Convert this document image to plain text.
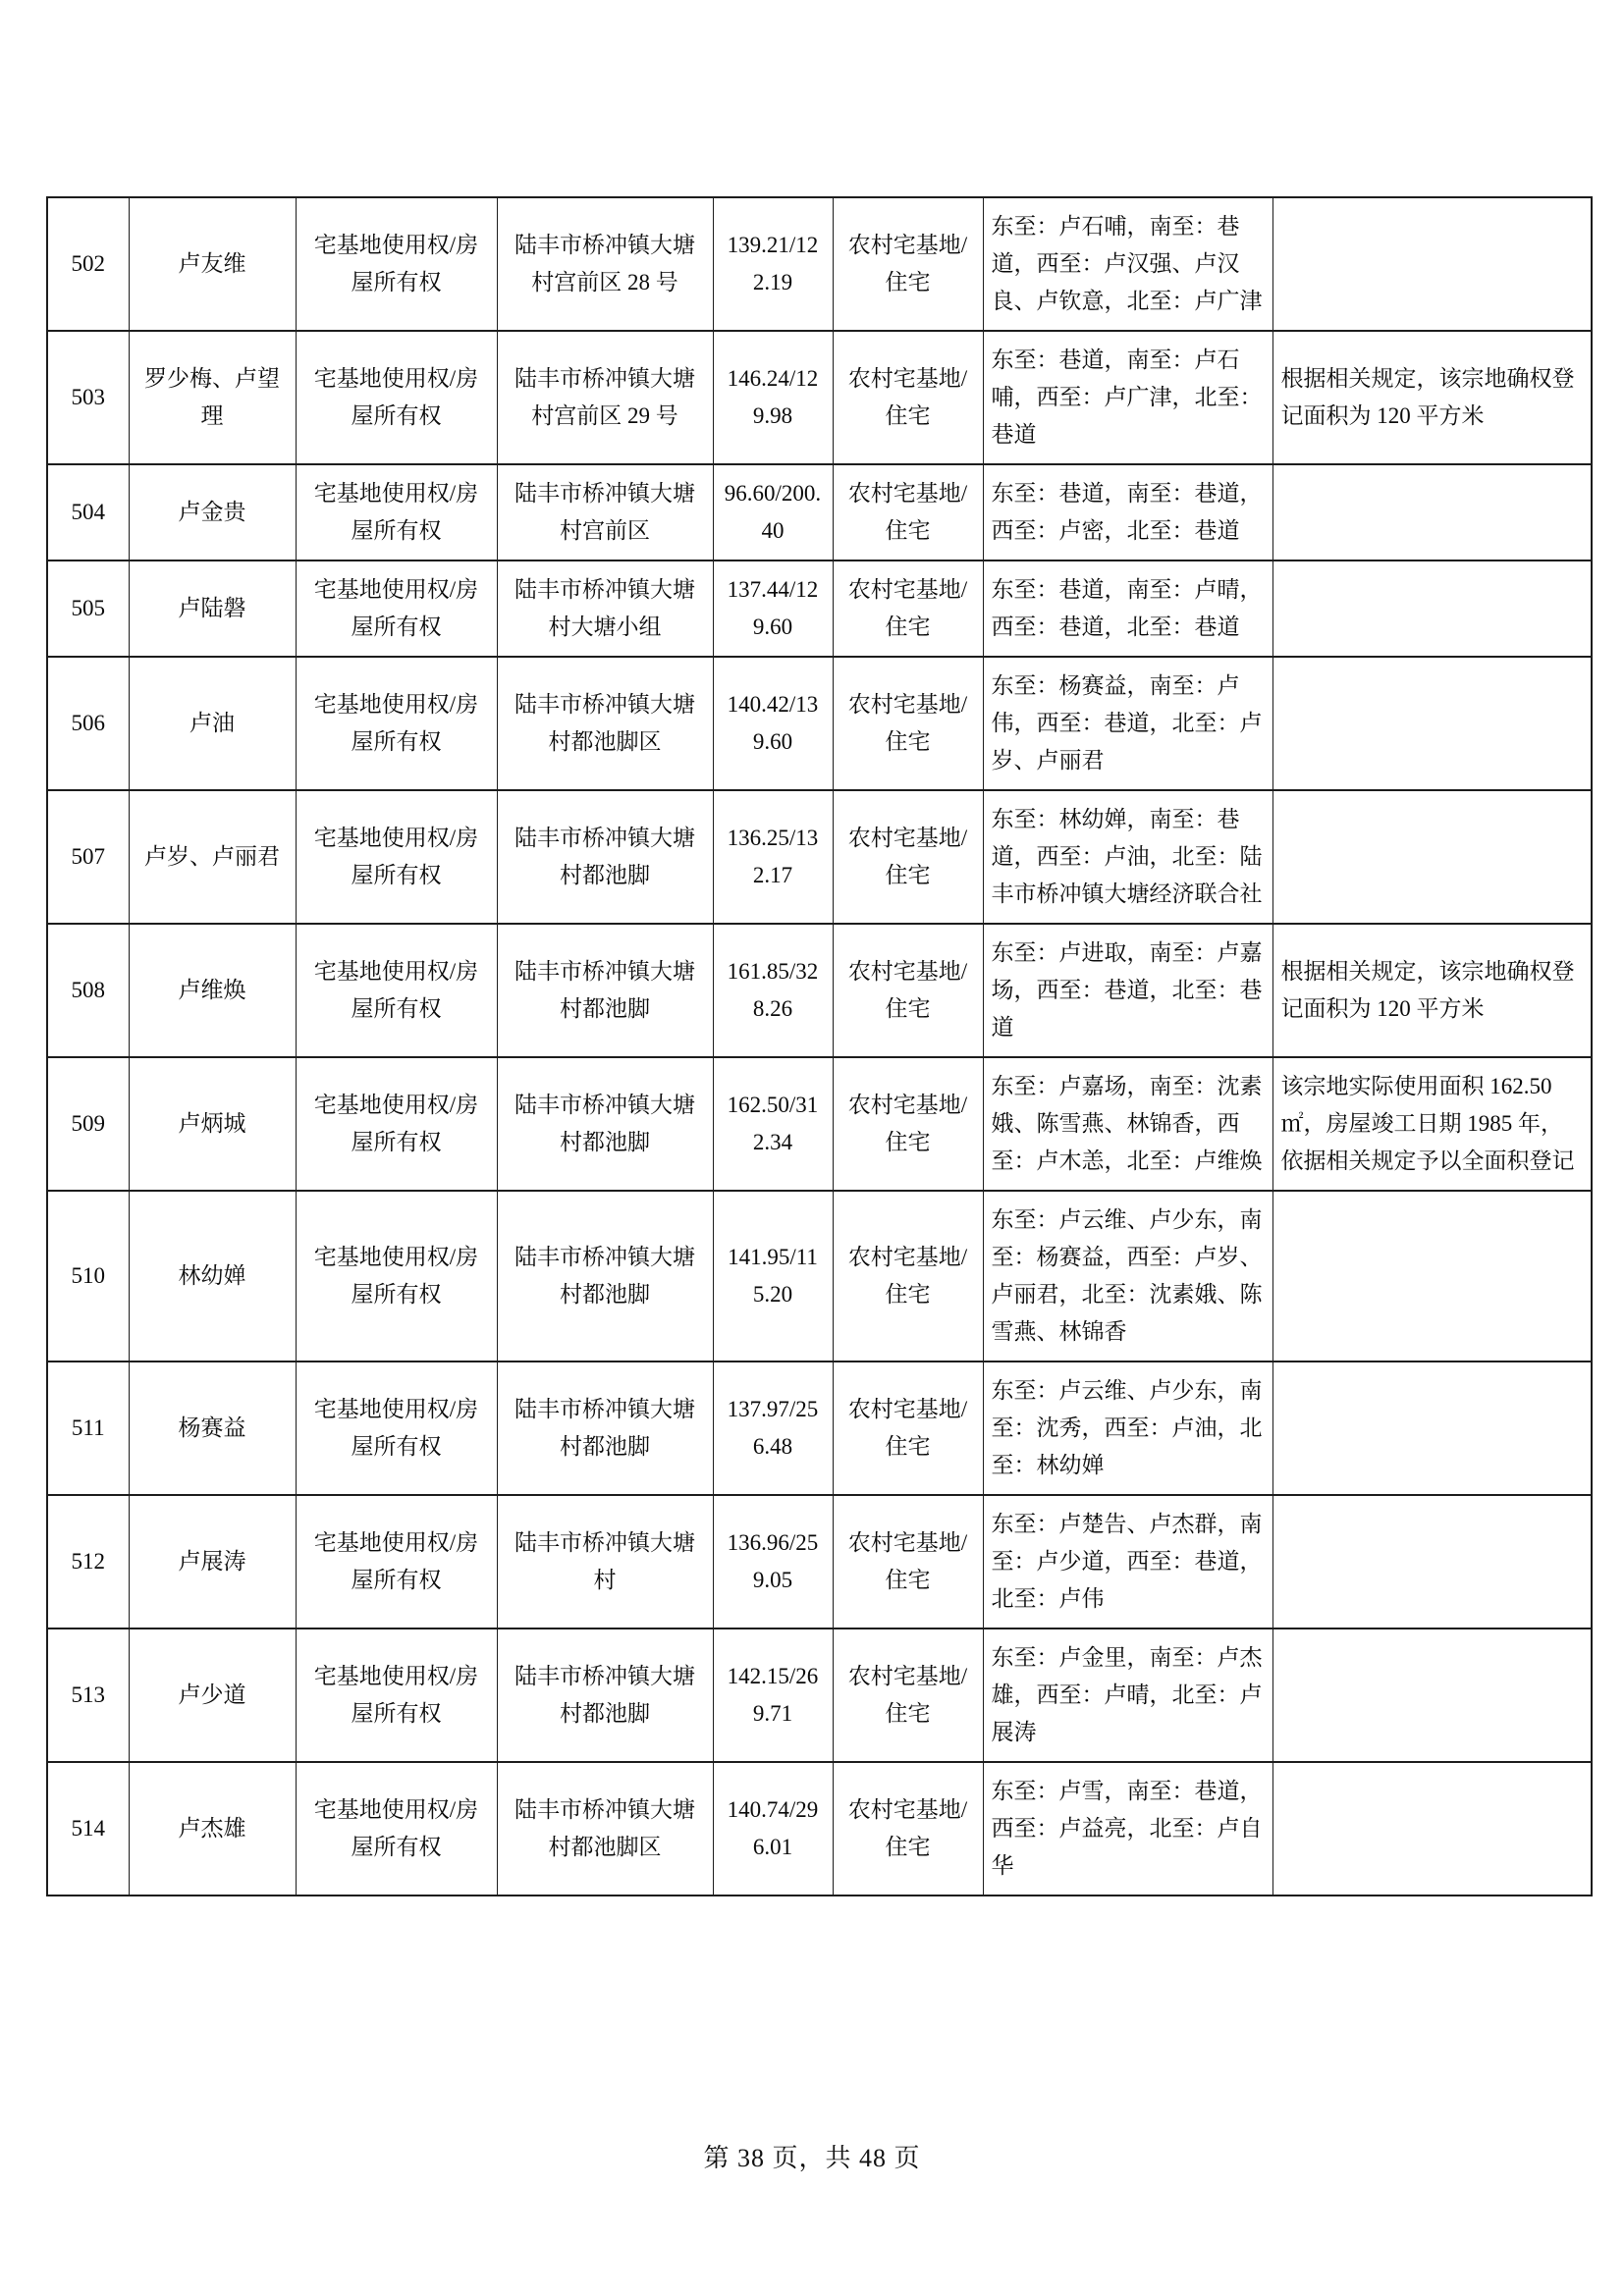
502	卢友维	宅基地使用权/房屋所有权	陆丰市桥冲镇大塘村宫前区 28 号	139.21/122.19	农村宅基地/住宅	东至：卢石哺，南至：巷道，西至：卢汉强、卢汉良、卢钦意，北至：卢广津	
503	罗少梅、卢望理	宅基地使用权/房屋所有权	陆丰市桥冲镇大塘村宫前区 29 号	146.24/129.98	农村宅基地/住宅	东至：巷道，南至：卢石哺，西至：卢广津，北至：巷道	根据相关规定，该宗地确权登记面积为 120 平方米
504	卢金贵	宅基地使用权/房屋所有权	陆丰市桥冲镇大塘村宫前区	96.60/200.40	农村宅基地/住宅	东至：巷道，南至：巷道，西至：卢密，北至：巷道	
505	卢陆磐	宅基地使用权/房屋所有权	陆丰市桥冲镇大塘村大塘小组	137.44/129.60	农村宅基地/住宅	东至：巷道，南至：卢晴，西至：巷道，北至：巷道	
506	卢油	宅基地使用权/房屋所有权	陆丰市桥冲镇大塘村都池脚区	140.42/139.60	农村宅基地/住宅	东至：杨赛益，南至：卢伟，西至：巷道，北至：卢岁、卢丽君	
507	卢岁、卢丽君	宅基地使用权/房屋所有权	陆丰市桥冲镇大塘村都池脚	136.25/132.17	农村宅基地/住宅	东至：林幼婵，南至：巷道，西至：卢油，北至：陆丰市桥冲镇大塘经济联合社	
508	卢维焕	宅基地使用权/房屋所有权	陆丰市桥冲镇大塘村都池脚	161.85/328.26	农村宅基地/住宅	东至：卢进取，南至：卢嘉场，西至：巷道，北至：巷道	根据相关规定，该宗地确权登记面积为 120 平方米
509	卢炳城	宅基地使用权/房屋所有权	陆丰市桥冲镇大塘村都池脚	162.50/312.34	农村宅基地/住宅	东至：卢嘉场，南至：沈素娥、陈雪燕、林锦香，西至：卢木恙，北至：卢维焕	该宗地实际使用面积 162.50㎡，房屋竣工日期 1985 年，依据相关规定予以全面积登记
510	林幼婵	宅基地使用权/房屋所有权	陆丰市桥冲镇大塘村都池脚	141.95/115.20	农村宅基地/住宅	东至：卢云维、卢少东，南至：杨赛益，西至：卢岁、卢丽君，北至：沈素娥、陈雪燕、林锦香	
511	杨赛益	宅基地使用权/房屋所有权	陆丰市桥冲镇大塘村都池脚	137.97/256.48	农村宅基地/住宅	东至：卢云维、卢少东，南至：沈秀，西至：卢油，北至：林幼婵	
512	卢展涛	宅基地使用权/房屋所有权	陆丰市桥冲镇大塘村	136.96/259.05	农村宅基地/住宅	东至：卢楚告、卢杰群，南至：卢少道，西至：巷道，北至：卢伟	
513	卢少道	宅基地使用权/房屋所有权	陆丰市桥冲镇大塘村都池脚	142.15/269.71	农村宅基地/住宅	东至：卢金里，南至：卢杰雄，西至：卢晴，北至：卢展涛	
514	卢杰雄	宅基地使用权/房屋所有权	陆丰市桥冲镇大塘村都池脚区	140.74/296.01	农村宅基地/住宅	东至：卢雪，南至：巷道，西至：卢益亮，北至：卢自华	
第 38 页，共 48 页
